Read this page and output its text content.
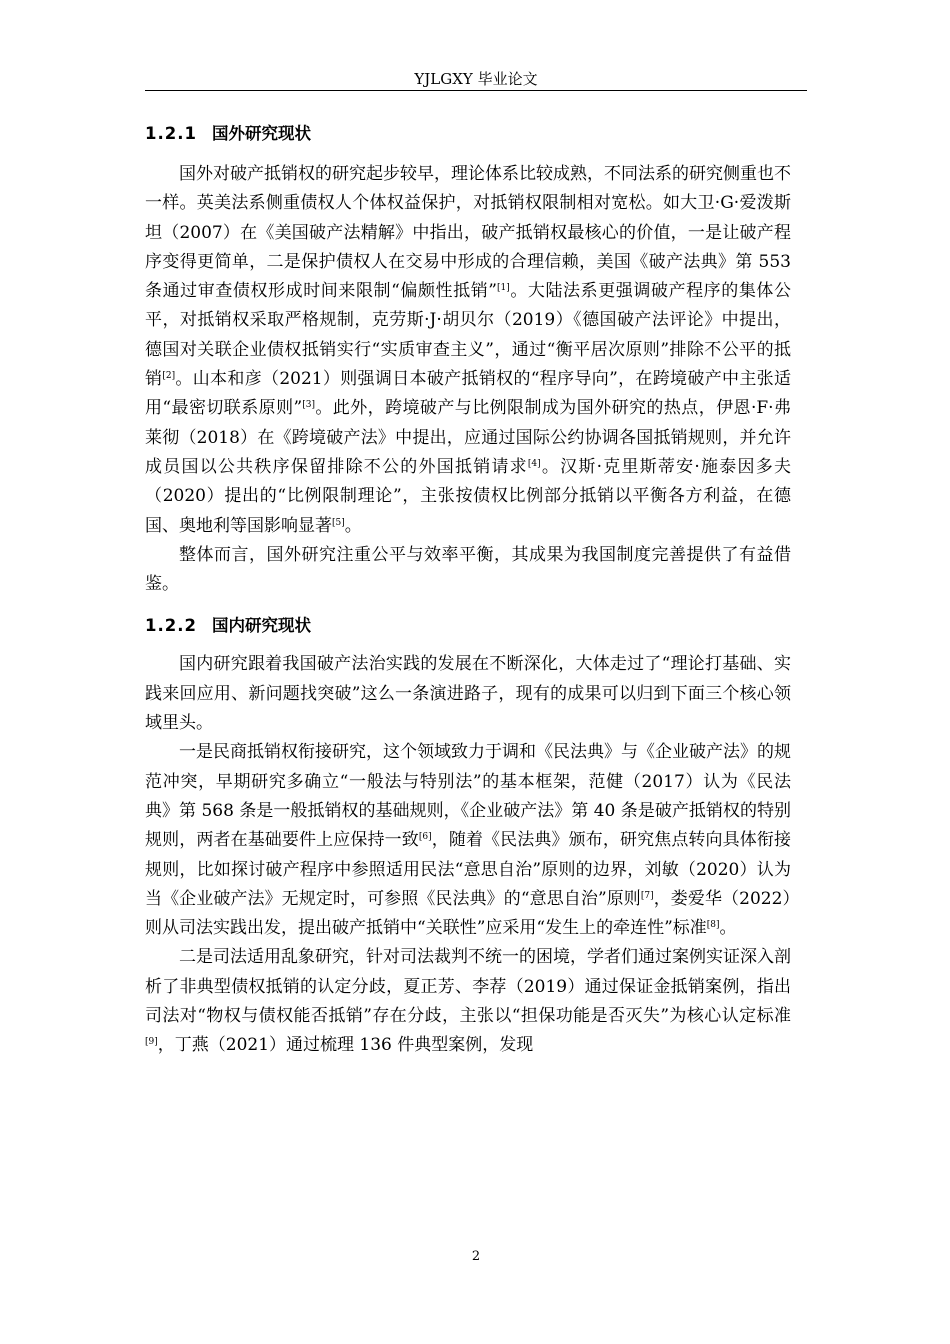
YJLGXY 毕业论文
1.2.1 国外研究现状

国外对破产抵销权的研究起步较早，理论体系比较成熟，不同法系的研究侧重也不一样。英美法系侧重债权人个体权益保护，对抵销权限制相对宽松。如大卫·G·爱泼斯坦（2007）在《美国破产法精解》中指出，破产抵销权最核心的价值，一是让破产程序变得更简单，二是保护债权人在交易中形成的合理信赖，美国《破产法典》第 553 条通过审查债权形成时间来限制“偏颇性抵销”[1]。大陆法系更强调破产程序的集体公平，对抵销权采取严格规制，克劳斯·J·胡贝尔（2019）《德国破产法评论》中提出，德国对关联企业债权抵销实行“实质审查主义”，通过“衡平居次原则”排除不公平的抵销[2]。山本和彦（2021）则强调日本破产抵销权的“程序导向”，在跨境破产中主张适用“最密切联系原则”[3]。此外，跨境破产与比例限制成为国外研究的热点，伊恩·F·弗莱彻（2018）在《跨境破产法》中提出，应通过国际公约协调各国抵销规则，并允许成员国以公共秩序保留排除不公的外国抵销请求[4]。汉斯·克里斯蒂安·施泰因多夫（2020）提出的“比例限制理论”，主张按债权比例部分抵销以平衡各方利益，在德国、奥地利等国影响显著[5]。

整体而言，国外研究注重公平与效率平衡，其成果为我国制度完善提供了有益借鉴。

1.2.2 国内研究现状

国内研究跟着我国破产法治实践的发展在不断深化，大体走过了“理论打基础、实践来回应用、新问题找突破”这么一条演进路子，现有的成果可以归到下面三个核心领域里头。

一是民商抵销权衔接研究，这个领域致力于调和《民法典》与《企业破产法》的规范冲突，早期研究多确立“一般法与特别法”的基本框架，范健（2017）认为《民法典》第 568 条是一般抵销权的基础规则，《企业破产法》第 40 条是破产抵销权的特别规则，两者在基础要件上应保持一致[6]，随着《民法典》颁布，研究焦点转向具体衔接规则，比如探讨破产程序中参照适用民法“意思自治”原则的边界，刘敏（2020）认为当《企业破产法》无规定时，可参照《民法典》的“意思自治”原则[7]，娄爱华（2022）则从司法实践出发，提出破产抵销中“关联性”应采用“发生上的牵连性”标准[8]。

二是司法适用乱象研究，针对司法裁判不统一的困境，学者们通过案例实证深入剖析了非典型债权抵销的认定分歧，夏正芳、李荐（2019）通过保证金抵销案例，指出司法对“物权与债权能否抵销”存在分歧，主张以“担保功能是否灭失”为核心认定标准[9]，丁燕（2021）通过梳理 136 件典型案例，发现

2
